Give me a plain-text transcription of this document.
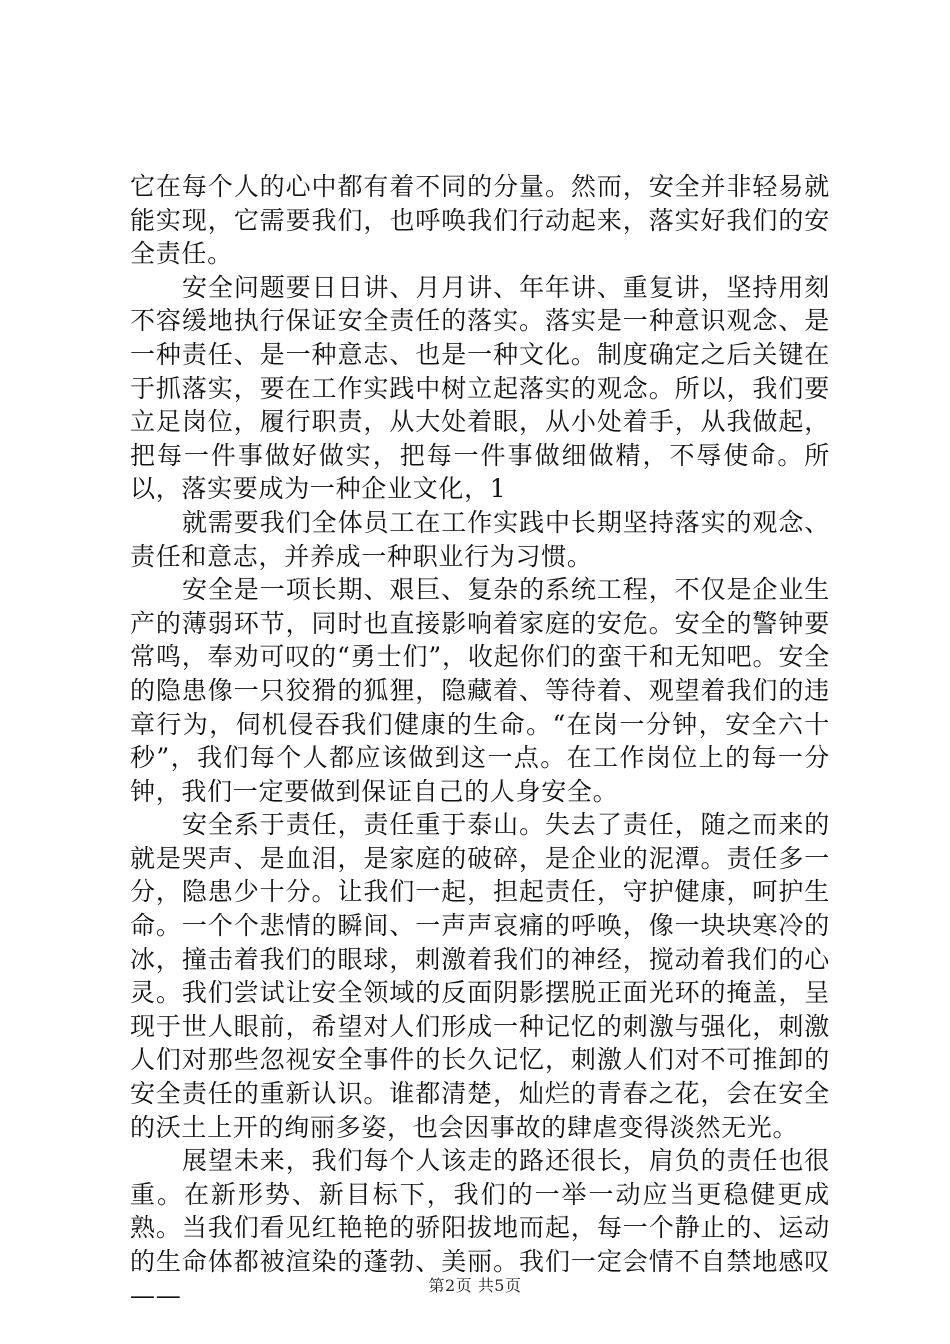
它在每个人的心中都有着不同的分量。然而，安全并非轻易就能实现，它需要我们，也呼唤我们行动起来，落实好我们的安全责任。

安全问题要日日讲、月月讲、年年讲、重复讲，坚持用刻不容缓地执行保证安全责任的落实。落实是一种意识观念、是一种责任、是一种意志、也是一种文化。制度确定之后关键在于抓落实，要在工作实践中树立起落实的观念。所以，我们要立足岗位，履行职责，从大处着眼，从小处着手，从我做起，把每一件事做好做实，把每一件事做细做精，不辱使命。所以，落实要成为一种企业文化，1

就需要我们全体员工在工作实践中长期坚持落实的观念、责任和意志，并养成一种职业行为习惯。

安全是一项长期、艰巨、复杂的系统工程，不仅是企业生产的薄弱环节，同时也直接影响着家庭的安危。安全的警钟要常鸣，奉劝可叹的“勇士们”，收起你们的蛮干和无知吧。安全的隐患像一只狡猾的狐狸，隐藏着、等待着、观望着我们的违章行为，伺机侵吞我们健康的生命。“在岗一分钟，安全六十秒”，我们每个人都应该做到这一点。在工作岗位上的每一分钟，我们一定要做到保证自己的人身安全。

安全系于责任，责任重于泰山。失去了责任，随之而来的就是哭声、是血泪，是家庭的破碎，是企业的泥潭。责任多一分，隐患少十分。让我们一起，担起责任，守护健康，呵护生命。一个个悲情的瞬间、一声声哀痛的呼唤，像一块块寒冷的冰，撞击着我们的眼球，刺激着我们的神经，搅动着我们的心灵。我们尝试让安全领域的反面阴影摆脱正面光环的掩盖，呈现于世人眼前，希望对人们形成一种记忆的刺激与强化，刺激人们对那些忽视安全事件的长久记忆，刺激人们对不可推卸的安全责任的重新认识。谁都清楚，灿烂的青春之花，会在安全的沃土上开的绚丽多姿，也会因事故的肆虐变得淡然无光。

展望未来，我们每个人该走的路还很长，肩负的责任也很重。在新形势、新目标下，我们的一举一动应当更稳健更成熟。当我们看见红艳艳的骄阳拔地而起，每一个静止的、运动的生命体都被渲染的蓬勃、美丽。我们一定会情不自禁地感叹——	第2页 共5页
